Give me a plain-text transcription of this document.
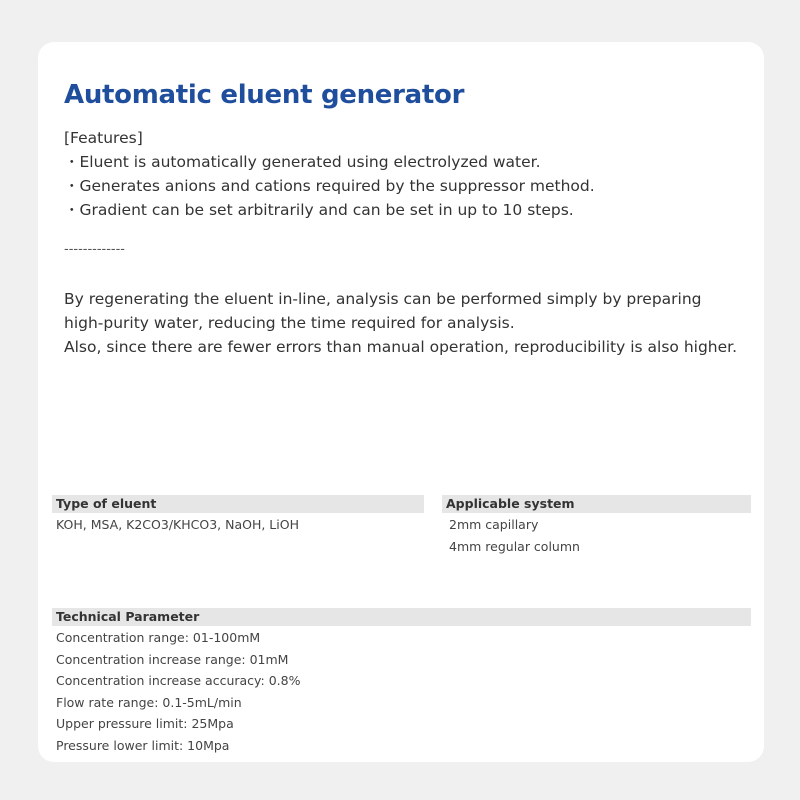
Automatic eluent generator
[Features]
・Eluent is automatically generated using electrolyzed water.
・Generates anions and cations required by the suppressor method.
・Gradient can be set arbitrarily and can be set in up to 10 steps.
-------------
By regenerating the eluent in-line, analysis can be performed simply by preparing
high-purity water, reducing the time required for analysis.
Also, since there are fewer errors than manual operation, reproducibility is also higher.
Type of eluent
KOH, MSA, K2CO3/KHCO3, NaOH, LiOH
Applicable system
2mm capillary
4mm regular column
Technical Parameter
Concentration range: 01-100mM
Concentration increase range: 01mM
Concentration increase accuracy: 0.8%
Flow rate range: 0.1-5mL/min
Upper pressure limit: 25Mpa
Pressure lower limit: 10Mpa
